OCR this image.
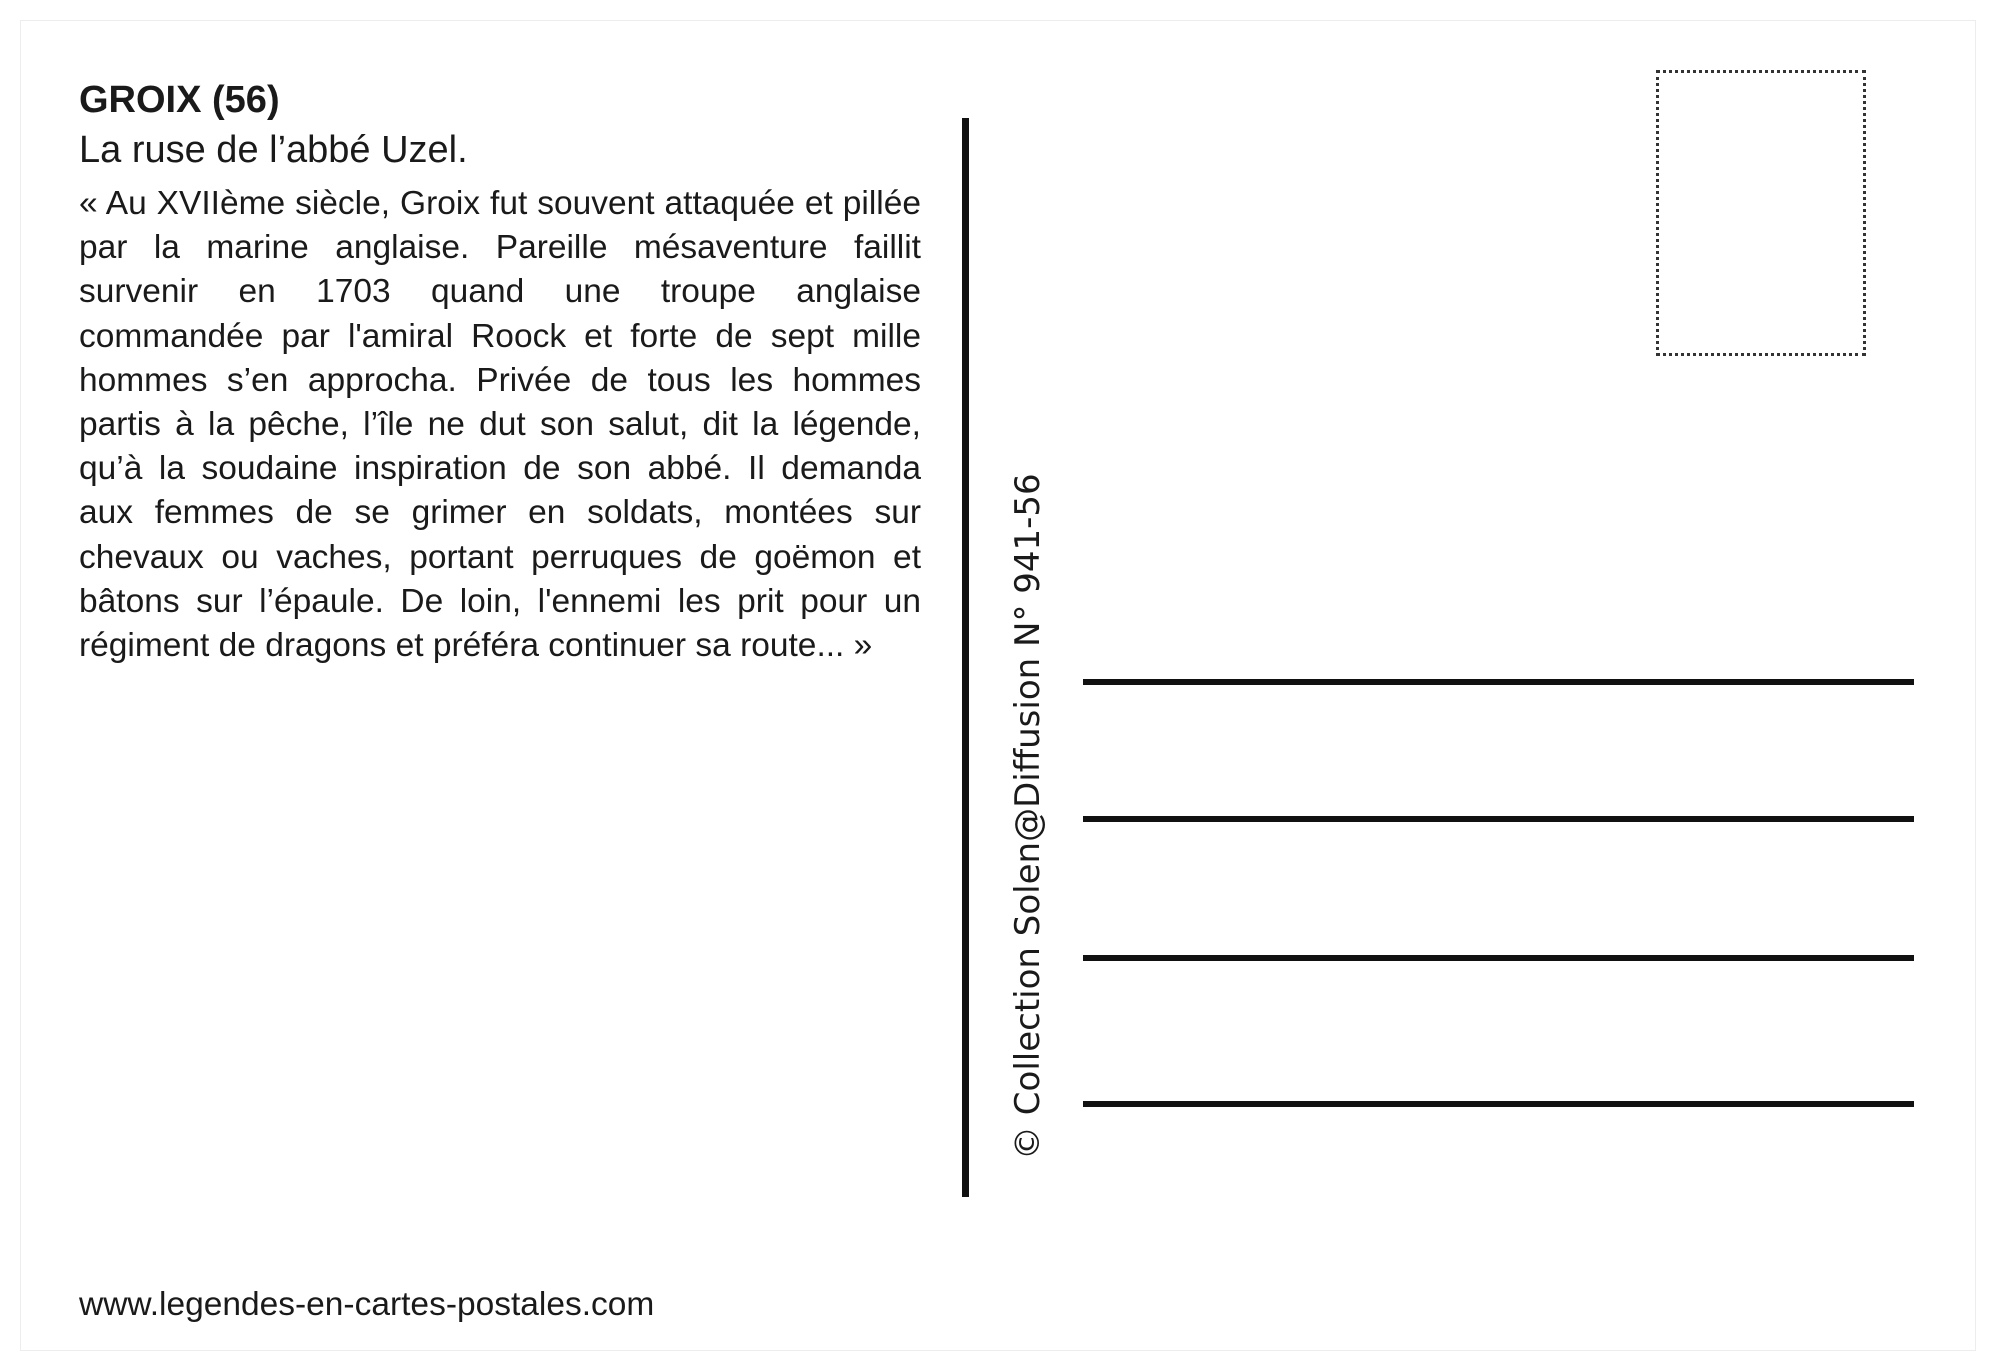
GROIX (56)
La ruse de l’abbé Uzel.

« Au XVIIème siècle, Groix fut souvent attaquée et pillée par la marine anglaise. Pareille mésaventure faillit survenir en 1703 quand une troupe anglaise commandée par l'amiral Roock et forte de sept mille hommes s’en approcha. Privée de tous les hommes partis à la pêche, l’île ne dut son salut, dit la légende, qu’à la soudaine inspiration de son abbé. Il demanda aux femmes de se grimer en soldats, montées sur chevaux ou vaches, portant perruques de goëmon et bâtons sur l’épaule. De loin, l'ennemi les prit pour un régiment de dragons et préféra continuer sa route... »

www.legendes-en-cartes-postales.com
© Collection Solen@Diffusion N° 941-56
